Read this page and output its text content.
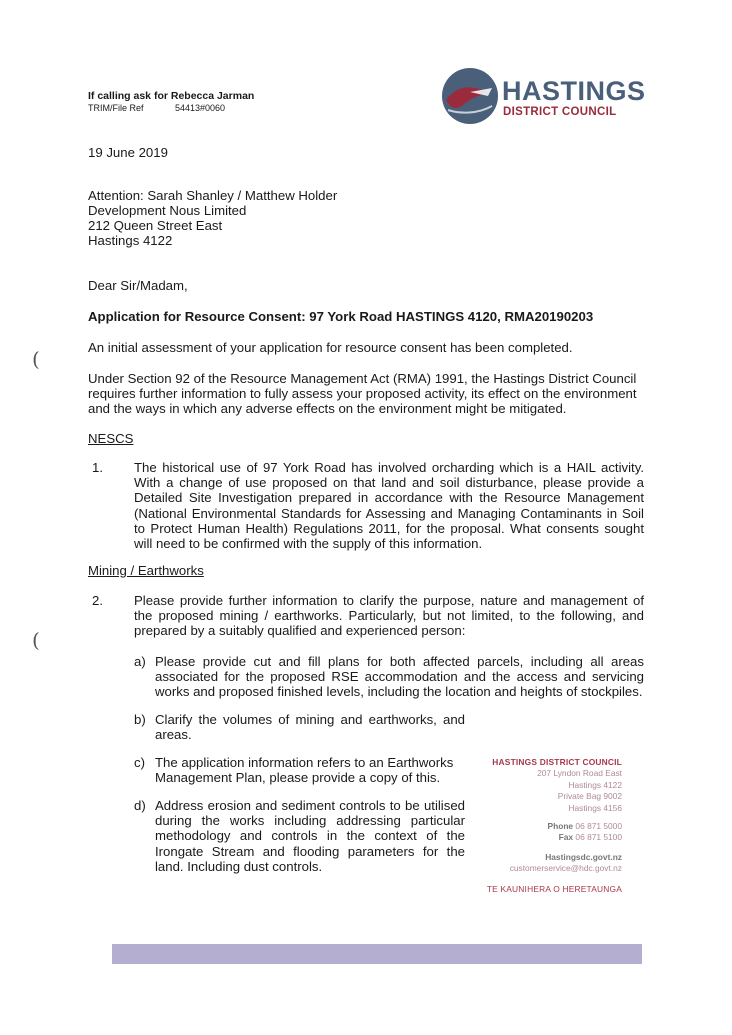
If calling ask for Rebecca Jarman
TRIM/File Ref	54413#0060
HASTINGS
DISTRICT COUNCIL
19 June 2019
Attention: Sarah Shanley / Matthew Holder
Development Nous Limited
212 Queen Street East
Hastings 4122
Dear Sir/Madam,
Application for Resource Consent: 97 York Road HASTINGS 4120, RMA20190203
An initial assessment of your application for resource consent has been completed.
(
(
Under Section 92 of the Resource Management Act (RMA) 1991, the Hastings District Council requires further information to fully assess your proposed activity, its effect on the environment and the ways in which any adverse effects on the environment might be mitigated.
NESCS
1. The historical use of 97 York Road has involved orcharding which is a HAIL activity. With a change of use proposed on that land and soil disturbance, please provide a Detailed Site Investigation prepared in accordance with the Resource Management (National Environmental Standards for Assessing and Managing Contaminants in Soil to Protect Human Health) Regulations 2011, for the proposal. What consents sought will need to be confirmed with the supply of this information.
Mining / Earthworks
2. Please provide further information to clarify the purpose, nature and management of the proposed mining / earthworks. Particularly, but not limited, to the following, and prepared by a suitably qualified and experienced person:
a) Please provide cut and fill plans for both affected parcels, including all areas associated for the proposed RSE accommodation and the access and servicing works and proposed finished levels, including the location and heights of stockpiles.
b) Clarify the volumes of mining and earthworks, and areas.
c) The application information refers to an Earthworks Management Plan, please provide a copy of this.
d) Address erosion and sediment controls to be utilised during the works including addressing particular methodology and controls in the context of the Irongate Stream and flooding parameters for the land. Including dust controls.
HASTINGS DISTRICT COUNCIL
207 Lyndon Road East
Hastings 4122
Private Bag 9002
Hastings 4156
Phone 06 871 5000
Fax 06 871 5100
Hastingsdc.govt.nz
customerservice@hdc.govt.nz
TE KAUNIHERA O HERETAUNGA
